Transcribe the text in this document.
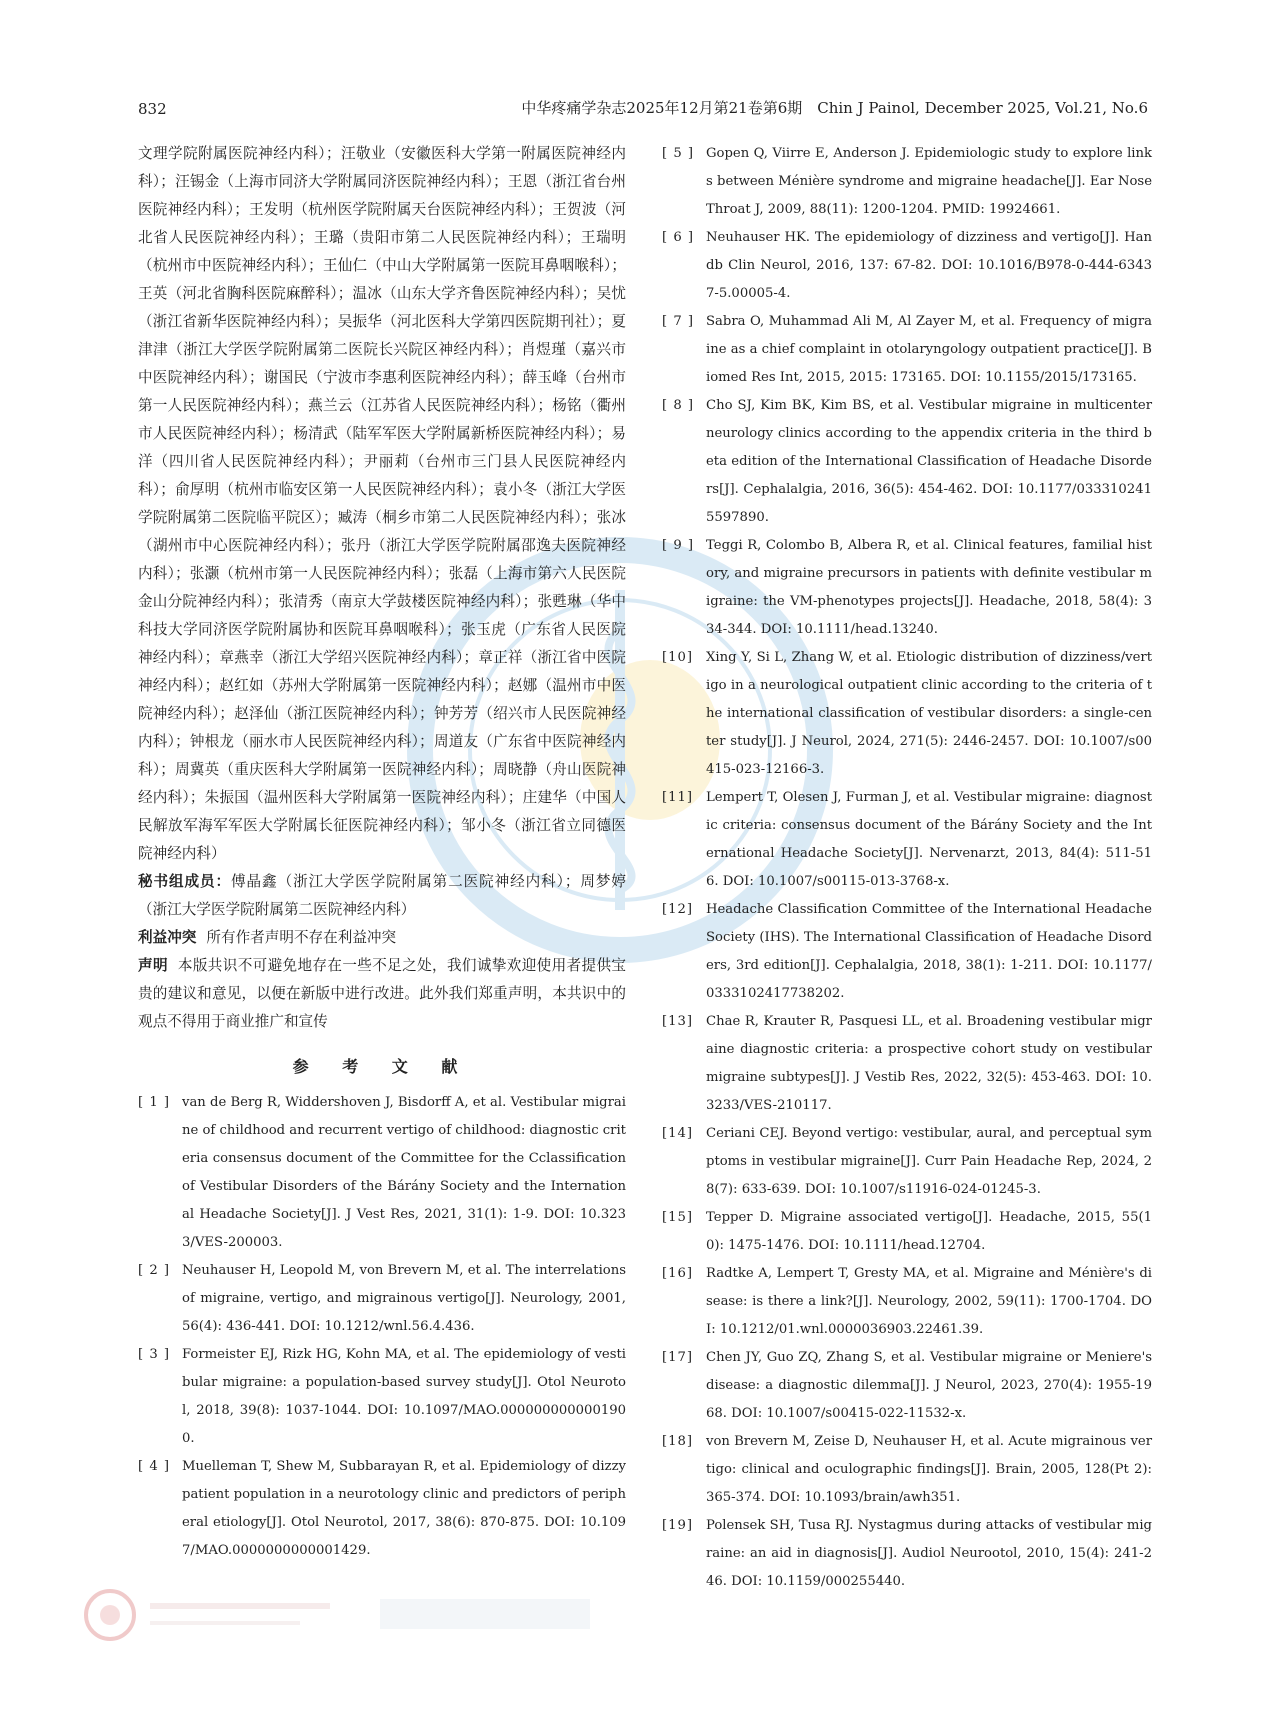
832	中华疼痛学杂志2025年12月第21卷第6期　Chin J Painol, December 2025, Vol.21, No.6

文理学院附属医院神经内科）；汪敬业（安徽医科大学第一附属医院神经内科）；汪锡金（上海市同济大学附属同济医院神经内科）；王恩（浙江省台州医院神经内科）；王发明（杭州医学院附属天台医院神经内科）；王贺波（河北省人民医院神经内科）；王璐（贵阳市第二人民医院神经内科）；王瑞明（杭州市中医院神经内科）；王仙仁（中山大学附属第一医院耳鼻咽喉科）；王英（河北省胸科医院麻醉科）；温冰（山东大学齐鲁医院神经内科）；吴忧（浙江省新华医院神经内科）；吴振华（河北医科大学第四医院期刊社）；夏津津（浙江大学医学院附属第二医院长兴院区神经内科）；肖煜瑾（嘉兴市中医院神经内科）；谢国民（宁波市李惠利医院神经内科）；薛玉峰（台州市第一人民医院神经内科）；燕兰云（江苏省人民医院神经内科）；杨铭（衢州市人民医院神经内科）；杨清武（陆军军医大学附属新桥医院神经内科）；易洋（四川省人民医院神经内科）；尹丽莉（台州市三门县人民医院神经内科）；俞厚明（杭州市临安区第一人民医院神经内科）；袁小冬（浙江大学医学院附属第二医院临平院区）；臧涛（桐乡市第二人民医院神经内科）；张冰（湖州市中心医院神经内科）；张丹（浙江大学医学院附属邵逸夫医院神经内科）；张灏（杭州市第一人民医院神经内科）；张磊（上海市第六人民医院金山分院神经内科）；张清秀（南京大学鼓楼医院神经内科）；张甦琳（华中科技大学同济医学院附属协和医院耳鼻咽喉科）；张玉虎（广东省人民医院神经内科）；章燕幸（浙江大学绍兴医院神经内科）；章正祥（浙江省中医院神经内科）；赵红如（苏州大学附属第一医院神经内科）；赵娜（温州市中医院神经内科）；赵泽仙（浙江医院神经内科）；钟芳芳（绍兴市人民医院神经内科）；钟根龙（丽水市人民医院神经内科）；周道友（广东省中医院神经内科）；周冀英（重庆医科大学附属第一医院神经内科）；周晓静（舟山医院神经内科）；朱振国（温州医科大学附属第一医院神经内科）；庄建华（中国人民解放军海军军医大学附属长征医院神经内科）；邹小冬（浙江省立同德医院神经内科）

秘书组成员：傅晶鑫（浙江大学医学院附属第二医院神经内科）；周梦婷（浙江大学医学院附属第二医院神经内科）

利益冲突 所有作者声明不存在利益冲突

声明 本版共识不可避免地存在一些不足之处，我们诚挚欢迎使用者提供宝贵的建议和意见，以便在新版中进行改进。此外我们郑重声明，本共识中的观点不得用于商业推广和宣传

参 考 文 献
[ 1 ] van de Berg R, Widdershoven J, Bisdorff A, et al. Vestibular migraine of childhood and recurrent vertigo of childhood: diagnostic criteria consensus document of the Committee for the Cclassification of Vestibular Disorders of the Bárány Society and the International Headache Society[J]. J Vest Res, 2021, 31(1): 1-9. DOI: 10.3233/VES-200003.
[ 2 ] Neuhauser H, Leopold M, von Brevern M, et al. The interrelations of migraine, vertigo, and migrainous vertigo[J]. Neurology, 2001, 56(4): 436-441. DOI: 10.1212/wnl.56.4.436.
[ 3 ] Formeister EJ, Rizk HG, Kohn MA, et al. The epidemiology of vestibular migraine: a population-based survey study[J]. Otol Neurotol, 2018, 39(8): 1037-1044. DOI: 10.1097/MAO.0000000000001900.
[ 4 ] Muelleman T, Shew M, Subbarayan R, et al. Epidemiology of dizzy patient population in a neurotology clinic and predictors of peripheral etiology[J]. Otol Neurotol, 2017, 38(6): 870-875. DOI: 10.1097/MAO.0000000000001429.
[ 5 ] Gopen Q, Viirre E, Anderson J. Epidemiologic study to explore links between Ménière syndrome and migraine headache[J]. Ear Nose Throat J, 2009, 88(11): 1200-1204. PMID: 19924661.
[ 6 ] Neuhauser HK. The epidemiology of dizziness and vertigo[J]. Handb Clin Neurol, 2016, 137: 67-82. DOI: 10.1016/B978-0-444-63437-5.00005-4.
[ 7 ] Sabra O, Muhammad Ali M, Al Zayer M, et al. Frequency of migraine as a chief complaint in otolaryngology outpatient practice[J]. Biomed Res Int, 2015, 2015: 173165. DOI: 10.1155/2015/173165.
[ 8 ] Cho SJ, Kim BK, Kim BS, et al. Vestibular migraine in multicenter neurology clinics according to the appendix criteria in the third beta edition of the International Classification of Headache Disorders[J]. Cephalalgia, 2016, 36(5): 454-462. DOI: 10.1177/0333102415597890.
[ 9 ] Teggi R, Colombo B, Albera R, et al. Clinical features, familial history, and migraine precursors in patients with definite vestibular migraine: the VM-phenotypes projects[J]. Headache, 2018, 58(4): 334-344. DOI: 10.1111/head.13240.
[10] Xing Y, Si L, Zhang W, et al. Etiologic distribution of dizziness/vertigo in a neurological outpatient clinic according to the criteria of the international classification of vestibular disorders: a single-center study[J]. J Neurol, 2024, 271(5): 2446-2457. DOI: 10.1007/s00415-023-12166-3.
[11] Lempert T, Olesen J, Furman J, et al. Vestibular migraine: diagnostic criteria: consensus document of the Bárány Society and the International Headache Society[J]. Nervenarzt, 2013, 84(4): 511-516. DOI: 10.1007/s00115-013-3768-x.
[12] Headache Classification Committee of the International Headache Society (IHS). The International Classification of Headache Disorders, 3rd edition[J]. Cephalalgia, 2018, 38(1): 1-211. DOI: 10.1177/0333102417738202.
[13] Chae R, Krauter R, Pasquesi LL, et al. Broadening vestibular migraine diagnostic criteria: a prospective cohort study on vestibular migraine subtypes[J]. J Vestib Res, 2022, 32(5): 453-463. DOI: 10.3233/VES-210117.
[14] Ceriani CEJ. Beyond vertigo: vestibular, aural, and perceptual symptoms in vestibular migraine[J]. Curr Pain Headache Rep, 2024, 28(7): 633-639. DOI: 10.1007/s11916-024-01245-3.
[15] Tepper D. Migraine associated vertigo[J]. Headache, 2015, 55(10): 1475-1476. DOI: 10.1111/head.12704.
[16] Radtke A, Lempert T, Gresty MA, et al. Migraine and Ménière's disease: is there a link?[J]. Neurology, 2002, 59(11): 1700-1704. DOI: 10.1212/01.wnl.0000036903.22461.39.
[17] Chen JY, Guo ZQ, Zhang S, et al. Vestibular migraine or Meniere's disease: a diagnostic dilemma[J]. J Neurol, 2023, 270(4): 1955-1968. DOI: 10.1007/s00415-022-11532-x.
[18] von Brevern M, Zeise D, Neuhauser H, et al. Acute migrainous vertigo: clinical and oculographic findings[J]. Brain, 2005, 128(Pt 2): 365-374. DOI: 10.1093/brain/awh351.
[19] Polensek SH, Tusa RJ. Nystagmus during attacks of vestibular migraine: an aid in diagnosis[J]. Audiol Neurootol, 2010, 15(4): 241-246. DOI: 10.1159/000255440.
